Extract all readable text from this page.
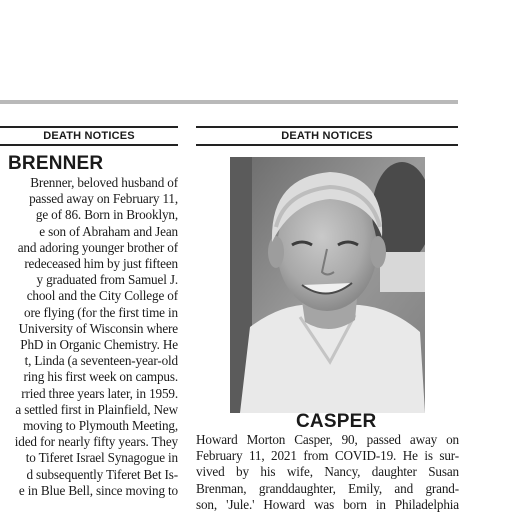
DEATH NOTICES	DEATH NOTICES
BRENNER
Brenner, beloved husband of
passed away on February 11,
ge of 86. Born in Brooklyn,
e son of Abraham and Jean
and adoring younger brother of
redeceased him by just fifteen
y graduated from Samuel J.
chool and the City College of
ore flying (for the first time in
University of Wisconsin where
PhD in Organic Chemistry. He
t, Linda (a seventeen-year-old
ring his first week on campus.
rried three years later, in 1959.
a settled first in Plainfield, New
moving to Plymouth Meeting,
ided for nearly fifty years. They
to Tiferet Israel Synagogue in
d subsequently Tiferet Bet Is-
e in Blue Bell, since moving to
CASPER
Howard Morton Casper, 90, passed away on
February 11, 2021 from COVID-19. He is sur-
vived by his wife, Nancy, daughter Susan
Brenman, granddaughter, Emily, and grand-
son, 'Jule.' Howard was born in Philadelphia
